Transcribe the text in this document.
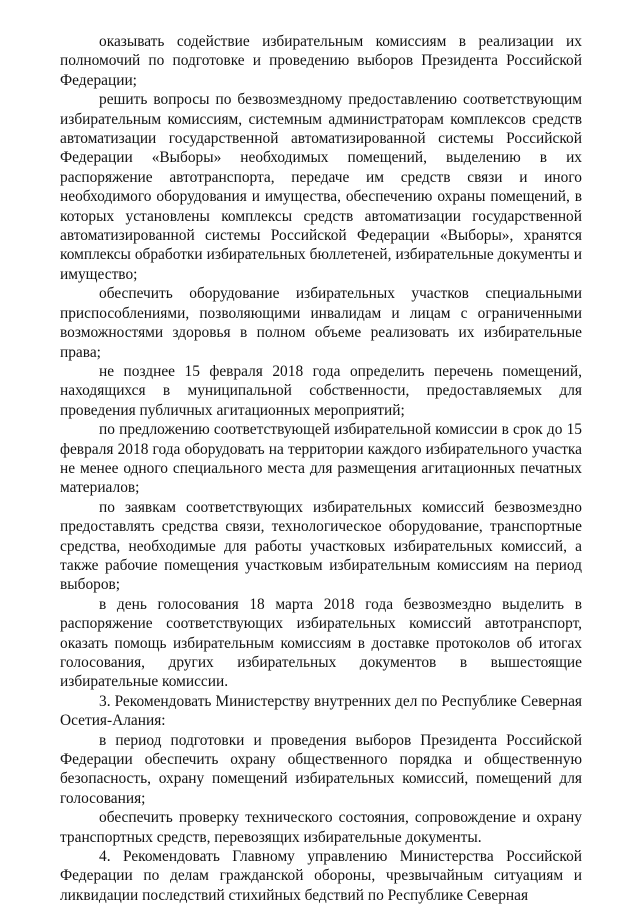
оказывать содействие избирательным комиссиям в реализации их полномочий по подготовке и проведению выборов Президента Российской Федерации;

решить вопросы по безвозмездному предоставлению соответствующим избирательным комиссиям, системным администраторам комплексов средств автоматизации государственной автоматизированной системы Российской Федерации «Выборы» необходимых помещений, выделению в их распоряжение автотранспорта, передаче им средств связи и иного необходимого оборудования и имущества, обеспечению охраны помещений, в которых установлены комплексы средств автоматизации государственной автоматизированной системы Российской Федерации «Выборы», хранятся комплексы обработки избирательных бюллетеней, избирательные документы и имущество;

обеспечить оборудование избирательных участков специальными приспособлениями, позволяющими инвалидам и лицам с ограниченными возможностями здоровья в полном объеме реализовать их избирательные права;

не позднее 15 февраля 2018 года определить перечень помещений, находящихся в муниципальной собственности, предоставляемых для проведения публичных агитационных мероприятий;

по предложению соответствующей избирательной комиссии в срок до 15 февраля 2018 года оборудовать на территории каждого избирательного участка не менее одного специального места для размещения агитационных печатных материалов;

по заявкам соответствующих избирательных комиссий безвозмездно предоставлять средства связи, технологическое оборудование, транспортные средства, необходимые для работы участковых избирательных комиссий, а также рабочие помещения участковым избирательным комиссиям на период выборов;

в день голосования 18 марта 2018 года безвозмездно выделить в распоряжение соответствующих избирательных комиссий автотранспорт, оказать помощь избирательным комиссиям в доставке протоколов об итогах голосования, других избирательных документов в вышестоящие избирательные комиссии.

3. Рекомендовать Министерству внутренних дел по Республике Северная Осетия-Алания:

в период подготовки и проведения выборов Президента Российской Федерации обеспечить охрану общественного порядка и общественную безопасность, охрану помещений избирательных комиссий, помещений для голосования;

обеспечить проверку технического состояния, сопровождение и охрану транспортных средств, перевозящих избирательные документы.

4. Рекомендовать Главному управлению Министерства Российской Федерации по делам гражданской обороны, чрезвычайным ситуациям и ликвидации последствий стихийных бедствий по Республике Северная
